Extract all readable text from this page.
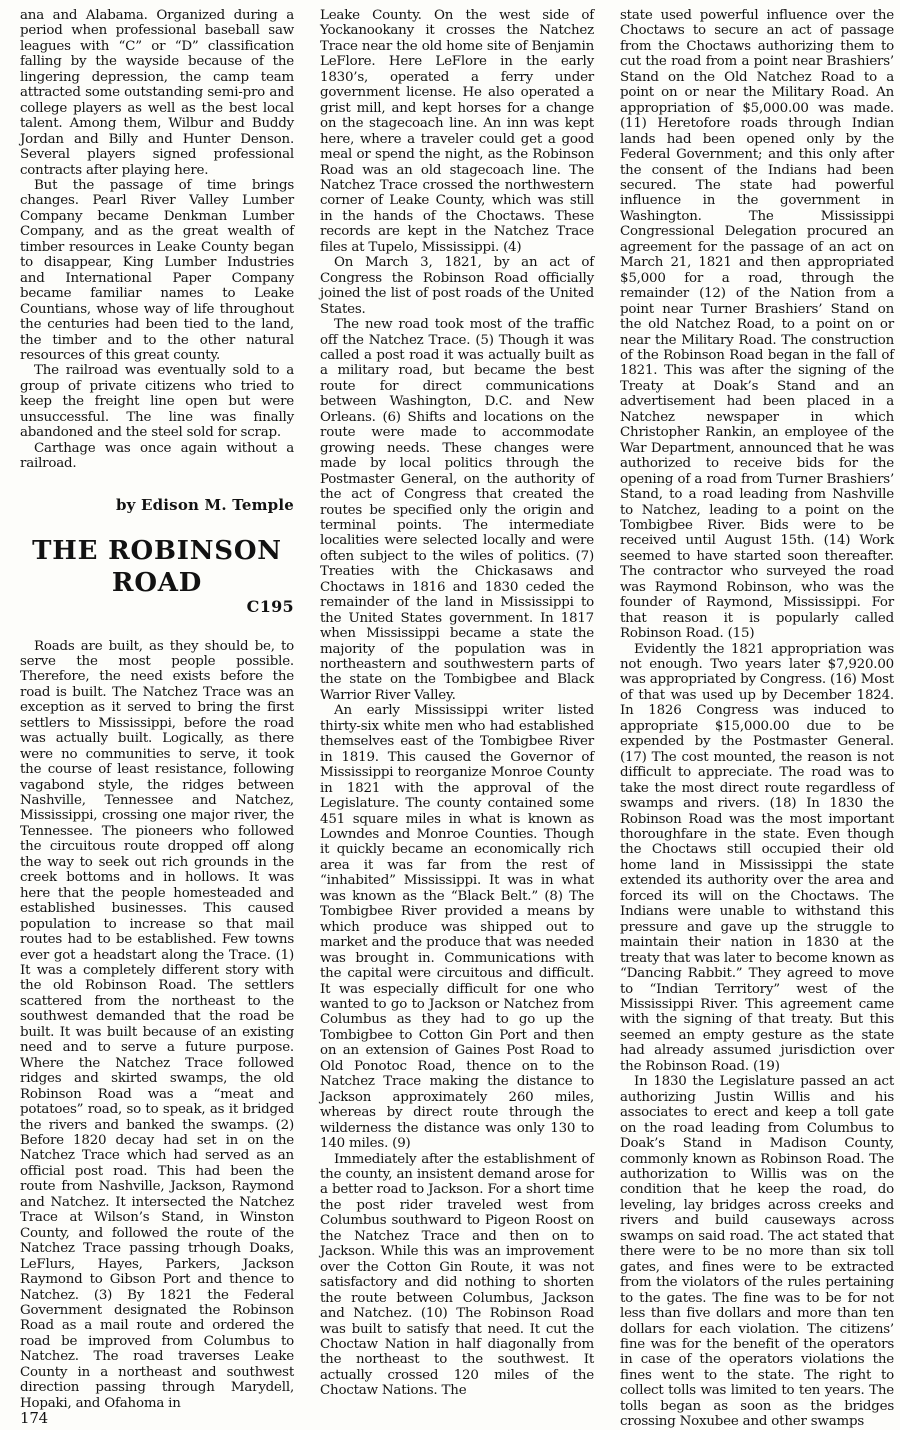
ana and Alabama. Organized during a period when professional baseball saw leagues with “C” or “D” classification falling by the wayside because of the lingering depression, the camp team attracted some outstanding semi-pro and college players as well as the best local talent. Among them, Wilbur and Buddy Jordan and Billy and Hunter Denson. Several players signed professional contracts after playing here.

But the passage of time brings changes. Pearl River Valley Lumber Company became Denkman Lumber Company, and as the great wealth of timber resources in Leake County began to disappear, King Lumber Industries and International Paper Company became familiar names to Leake Countians, whose way of life throughout the centuries had been tied to the land, the timber and to the other natural resources of this great county.

The railroad was eventually sold to a group of private citizens who tried to keep the freight line open but were unsuccessful. The line was finally abandoned and the steel sold for scrap.

Carthage was once again without a railroad.

by Edison M. Temple
THE ROBINSON
ROAD
C195

Roads are built, as they should be, to serve the most people possible. Therefore, the need exists before the road is built. The Natchez Trace was an exception as it served to bring the first settlers to Mississippi, before the road was actually built. Logically, as there were no communities to serve, it took the course of least resistance, following vagabond style, the ridges between Nashville, Tennessee and Natchez, Mississippi, crossing one major river, the Tennessee. The pioneers who followed the circuitous route dropped off along the way to seek out rich grounds in the creek bottoms and in hollows. It was here that the people homesteaded and established businesses. This caused population to increase so that mail routes had to be established. Few towns ever got a headstart along the Trace. (1) It was a completely different story with the old Robinson Road. The settlers scattered from the northeast to the southwest demanded that the road be built. It was built because of an existing need and to serve a future purpose. Where the Natchez Trace followed ridges and skirted swamps, the old Robinson Road was a “meat and potatoes” road, so to speak, as it bridged the rivers and banked the swamps. (2) Before 1820 decay had set in on the Natchez Trace which had served as an official post road. This had been the route from Nashville, Jackson, Raymond and Natchez. It intersected the Natchez Trace at Wilson’s Stand, in Winston County, and followed the route of the Natchez Trace passing trhough Doaks, LeFlurs, Hayes, Parkers, Jackson Raymond to Gibson Port and thence to Natchez. (3) By 1821 the Federal Government designated the Robinson Road as a mail route and ordered the road be improved from Columbus to Natchez. The road traverses Leake County in a northeast and southwest direction passing through Marydell, Hopaki, and Ofahoma in

174

Leake County. On the west side of Yockanookany it crosses the Natchez Trace near the old home site of Benjamin LeFlore. Here LeFlore in the early 1830’s, operated a ferry under government license. He also operated a grist mill, and kept horses for a change on the stagecoach line. An inn was kept here, where a traveler could get a good meal or spend the night, as the Robinson Road was an old stagecoach line. The Natchez Trace crossed the northwestern corner of Leake County, which was still in the hands of the Choctaws. These records are kept in the Natchez Trace files at Tupelo, Mississippi. (4)

On March 3, 1821, by an act of Congress the Robinson Road officially joined the list of post roads of the United States.

The new road took most of the traffic off the Natchez Trace. (5) Though it was called a post road it was actually built as a military road, but became the best route for direct communications between Washington, D.C. and New Orleans. (6) Shifts and locations on the route were made to accommodate growing needs. These changes were made by local politics through the Postmaster General, on the authority of the act of Congress that created the routes be specified only the origin and terminal points. The intermediate localities were selected locally and were often subject to the wiles of politics. (7) Treaties with the Chickasaws and Choctaws in 1816 and 1830 ceded the remainder of the land in Mississippi to the United States government. In 1817 when Mississippi became a state the majority of the population was in northeastern and southwestern parts of the state on the Tombigbee and Black Warrior River Valley.

An early Mississippi writer listed thirty-six white men who had established themselves east of the Tombigbee River in 1819. This caused the Governor of Mississippi to reorganize Monroe County in 1821 with the approval of the Legislature. The county contained some 451 square miles in what is known as Lowndes and Monroe Counties. Though it quickly became an economically rich area it was far from the rest of “inhabited” Mississippi. It was in what was known as the “Black Belt.” (8) The Tombigbee River provided a means by which produce was shipped out to market and the produce that was needed was brought in. Communications with the capital were circuitous and difficult. It was especially difficult for one who wanted to go to Jackson or Natchez from Columbus as they had to go up the Tombigbee to Cotton Gin Port and then on an extension of Gaines Post Road to Old Ponotoc Road, thence on to the Natchez Trace making the distance to Jackson approximately 260 miles, whereas by direct route through the wilderness the distance was only 130 to 140 miles. (9)

Immediately after the establishment of the county, an insistent demand arose for a better road to Jackson. For a short time the post rider traveled west from Columbus southward to Pigeon Roost on the Natchez Trace and then on to Jackson. While this was an improvement over the Cotton Gin Route, it was not satisfactory and did nothing to shorten the route between Columbus, Jackson and Natchez. (10) The Robinson Road was built to satisfy that need. It cut the Choctaw Nation in half diagonally from the northeast to the southwest. It actually crossed 120 miles of the Choctaw Nations. The

state used powerful influence over the Choctaws to secure an act of passage from the Choctaws authorizing them to cut the road from a point near Brashiers’ Stand on the Old Natchez Road to a point on or near the Military Road. An appropriation of $5,000.00 was made. (11) Heretofore roads through Indian lands had been opened only by the Federal Government; and this only after the consent of the Indians had been secured. The state had powerful influence in the government in Washington. The Mississippi Congressional Delegation procured an agreement for the passage of an act on March 21, 1821 and then appropriated $5,000 for a road, through the remainder (12) of the Nation from a point near Turner Brashiers’ Stand on the old Natchez Road, to a point on or near the Military Road. The construction of the Robinson Road began in the fall of 1821. This was after the signing of the Treaty at Doak’s Stand and an advertisement had been placed in a Natchez newspaper in which Christopher Rankin, an employee of the War Department, announced that he was authorized to receive bids for the opening of a road from Turner Brashiers’ Stand, to a road leading from Nashville to Natchez, leading to a point on the Tombigbee River. Bids were to be received until August 15th. (14) Work seemed to have started soon thereafter. The contractor who surveyed the road was Raymond Robinson, who was the founder of Raymond, Mississippi. For that reason it is popularly called Robinson Road. (15)

Evidently the 1821 appropriation was not enough. Two years later $7,920.00 was appropriated by Congress. (16) Most of that was used up by December 1824. In 1826 Congress was induced to appropriate $15,000.00 due to be expended by the Postmaster General. (17) The cost mounted, the reason is not difficult to appreciate. The road was to take the most direct route regardless of swamps and rivers. (18) In 1830 the Robinson Road was the most important thoroughfare in the state. Even though the Choctaws still occupied their old home land in Mississippi the state extended its authority over the area and forced its will on the Choctaws. The Indians were unable to withstand this pressure and gave up the struggle to maintain their nation in 1830 at the treaty that was later to become known as “Dancing Rabbit.” They agreed to move to “Indian Territory” west of the Mississippi River. This agreement came with the signing of that treaty. But this seemed an empty gesture as the state had already assumed jurisdiction over the Robinson Road. (19)

In 1830 the Legislature passed an act authorizing Justin Willis and his associates to erect and keep a toll gate on the road leading from Columbus to Doak’s Stand in Madison County, commonly known as Robinson Road. The authorization to Willis was on the condition that he keep the road, do leveling, lay bridges across creeks and rivers and build causeways across swamps on said road. The act stated that there were to be no more than six toll gates, and fines were to be extracted from the violators of the rules pertaining to the gates. The fine was to be for not less than five dollars and more than ten dollars for each violation. The citizens’ fine was for the benefit of the operators in case of the operators violations the fines went to the state. The right to collect tolls was limited to ten years. The tolls began as soon as the bridges crossing Noxubee and other swamps
